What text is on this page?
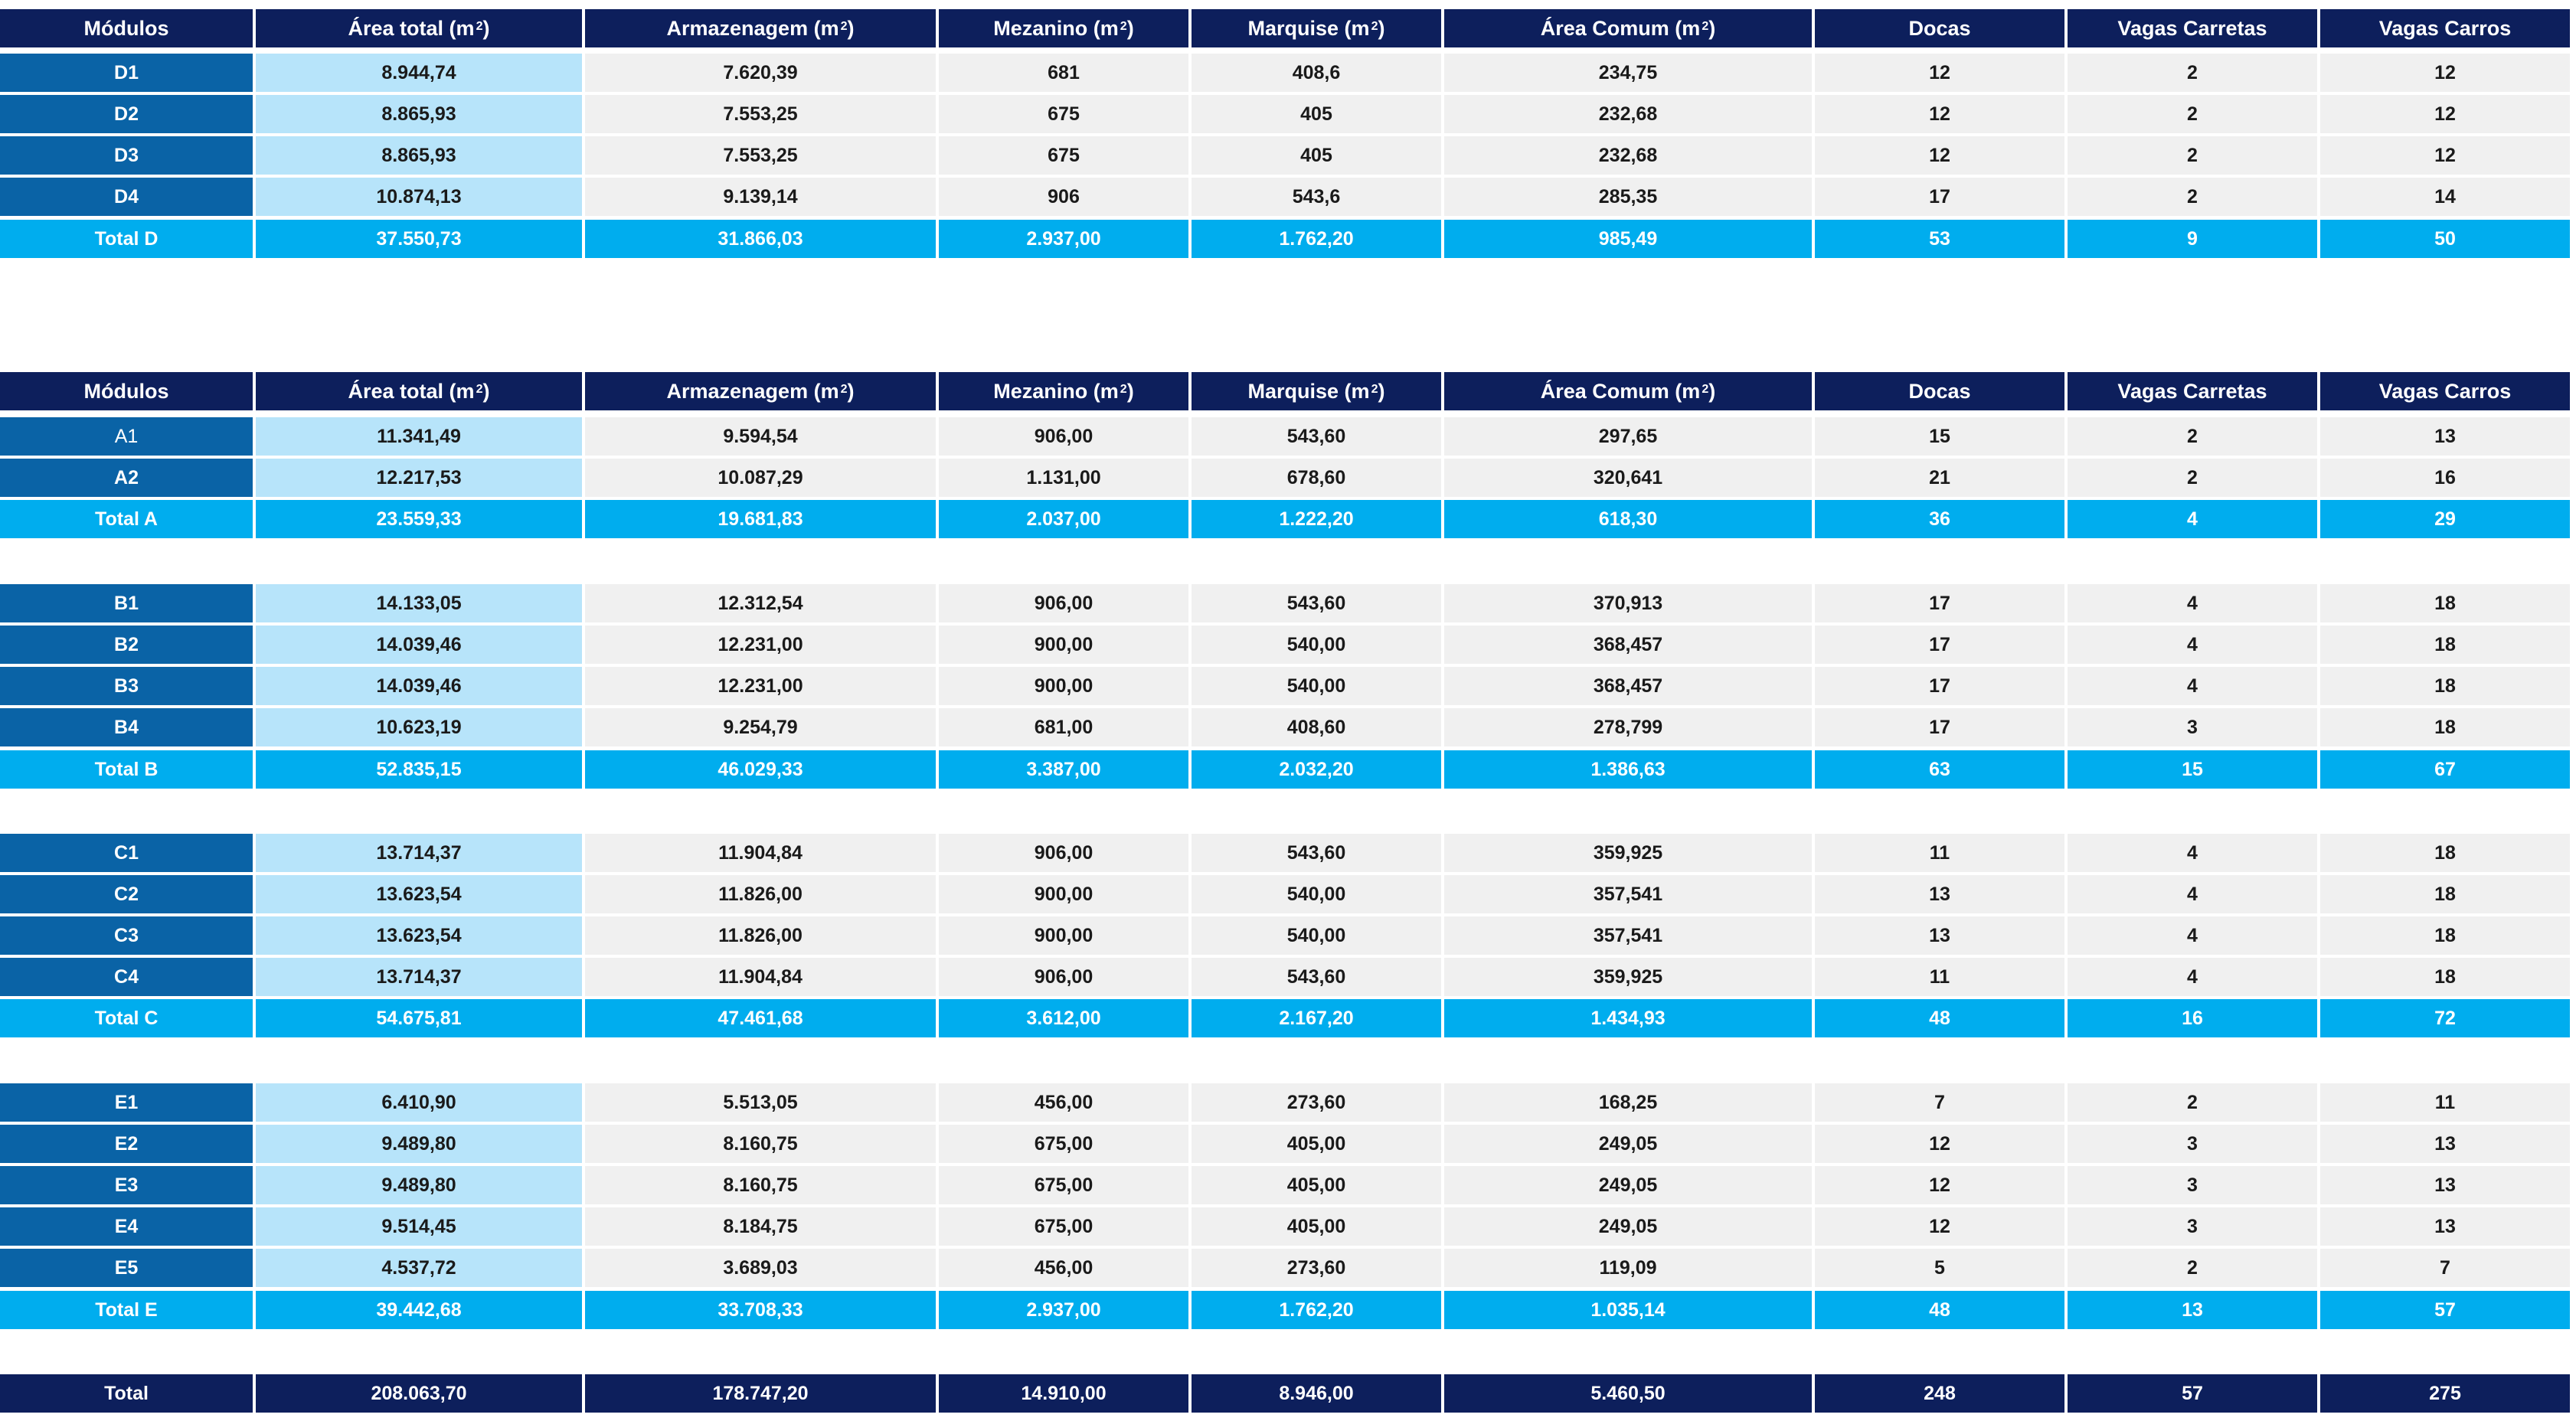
Módulos	Área total ($m^2$ )	Armazenagem ($m^2$ )	Mezanino ($m^2$ )	Marquise ($m^2$ )	Área Comum ($m^2$ )	Docas	Vagas Carretas	Vagas Carros
D1	8.944,74	7.620,39	681	408,6	234,75	12	2	12
D2	8.865,93	7.553,25	675	405	232,68	12	2	12
D3	8.865,93	7.553,25	675	405	232,68	12	2	12
D4	10.874,13	9.139,14	906	543,6	285,35	17	2	14
Total D	37.550,73	31.866,03	2.937,00	1.762,20	985,49	53	9	50
Módulos	Área total ($m^2$ )	Armazenagem ($m^2$ )	Mezanino ($m^2$ )	Marquise ($m^2$ )	Área Comum ($m^2$ )	Docas	Vagas Carretas	Vagas Carros
A1	11.341,49	9.594,54	906,00	543,60	297,65	15	2	13
A2	12.217,53	10.087,29	1.131,00	678,60	320,641	21	2	16
Total A	23.559,33	19.681,83	2.037,00	1.222,20	618,30	36	4	29
B1	14.133,05	12.312,54	906,00	543,60	370,913	17	4	18
B2	14.039,46	12.231,00	900,00	540,00	368,457	17	4	18
B3	14.039,46	12.231,00	900,00	540,00	368,457	17	4	18
B4	10.623,19	9.254,79	681,00	408,60	278,799	17	3	18
Total B	52.835,15	46.029,33	3.387,00	2.032,20	1.386,63	63	15	67
C1	13.714,37	11.904,84	906,00	543,60	359,925	11	4	18
C2	13.623,54	11.826,00	900,00	540,00	357,541	13	4	18
C3	13.623,54	11.826,00	900,00	540,00	357,541	13	4	18
C4	13.714,37	11.904,84	906,00	543,60	359,925	11	4	18
Total C	54.675,81	47.461,68	3.612,00	2.167,20	1.434,93	48	16	72
E1	6.410,90	5.513,05	456,00	273,60	168,25	7	2	11
E2	9.489,80	8.160,75	675,00	405,00	249,05	12	3	13
E3	9.489,80	8.160,75	675,00	405,00	249,05	12	3	13
E4	9.514,45	8.184,75	675,00	405,00	249,05	12	3	13
E5	4.537,72	3.689,03	456,00	273,60	119,09	5	2	7
Total E	39.442,68	33.708,33	2.937,00	1.762,20	1.035,14	48	13	57
Total	208.063,70	178.747,20	14.910,00	8.946,00	5.460,50	248	57	275
